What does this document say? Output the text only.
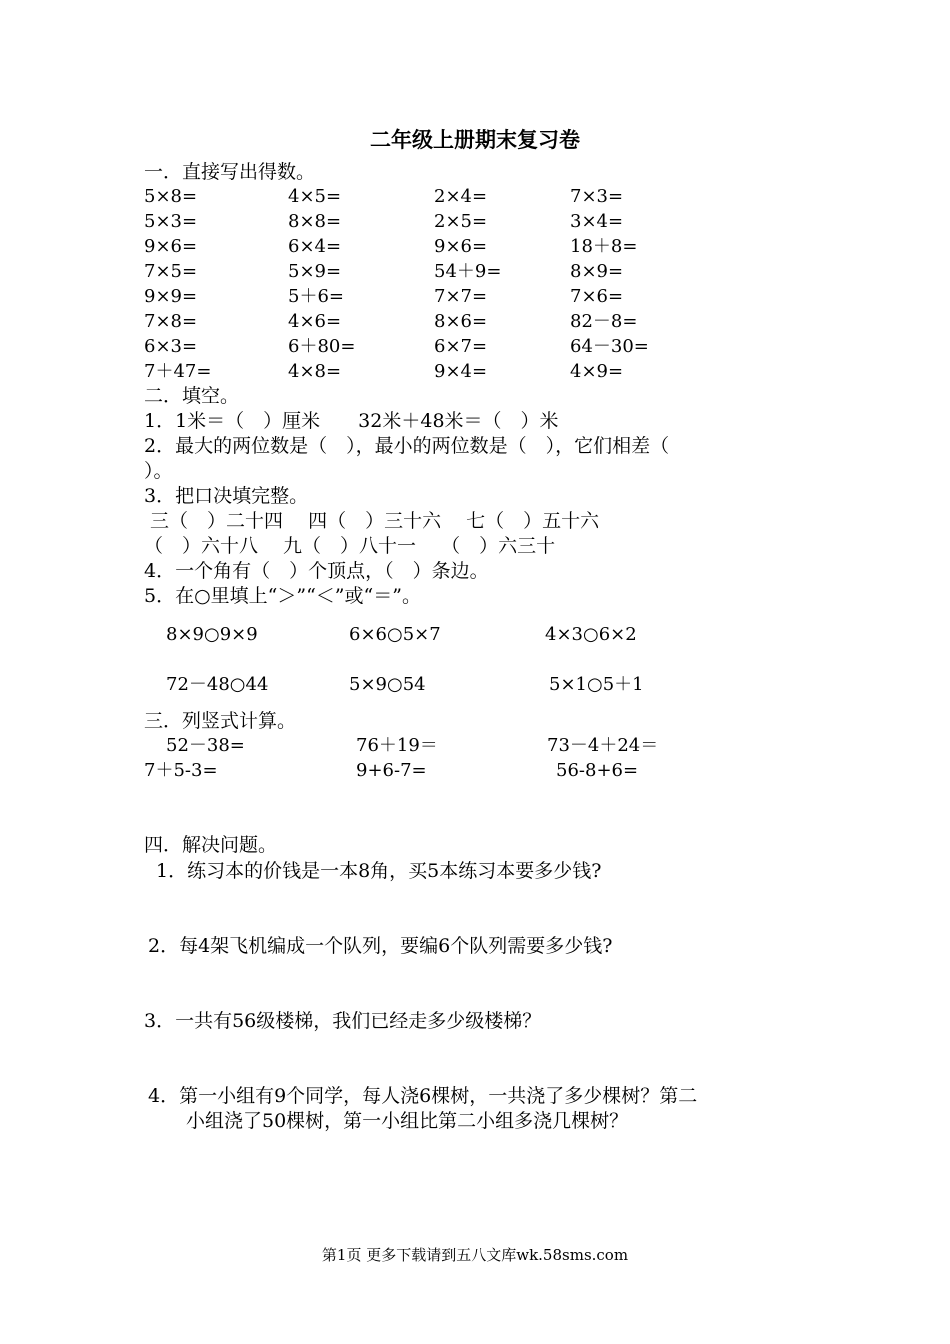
二年级上册期末复习卷
一．直接写出得数。
5×8=	4×5=	2×4=	7×3=
5×3=	8×8=	2×5=	3×4=
9×6=	6×4=	9×6=	18＋8=
7×5=	5×9=	54＋9=	8×9=
9×9=	5＋6=	7×7=	7×6=
7×8=	4×6=	8×6=	82－8=
6×3=	6＋80=	6×7=	64－30=
7＋47=	4×8=	9×4=	4×9=
二．填空。
1．1米＝（　）厘米　　32米＋48米＝（　）米
2．最大的两位数是（　），最小的两位数是（　），它们相差（
）。
3．把口决填完整。
三（　）二十四　 四（　）三十六　 七（　）五十六
（　）六十八　 九（　）八十一　 （　）六三十
4．一个角有（　）个顶点，（　）条边。
5．在○里填上“＞”“＜”或“＝”。
8×9○9×9	6×6○5×7	4×3○6×2
72－48○44	5×9○54	5×1○5＋1
三．列竖式计算。
52－38=	76＋19＝	73－4＋24＝
7＋5-3=	9+6-7=	56-8+6=
四．解决问题。
1．练习本的价钱是一本8角，买5本练习本要多少钱?
2．每4架飞机编成一个队列，要编6个队列需要多少钱?
3．一共有56级楼梯，我们已经走多少级楼梯？
4．第一小组有9个同学，每人浇6棵树，一共浇了多少棵树？第二
小组浇了50棵树，第一小组比第二小组多浇几棵树？
第1页 更多下载请到五八文库wk.58sms.com
